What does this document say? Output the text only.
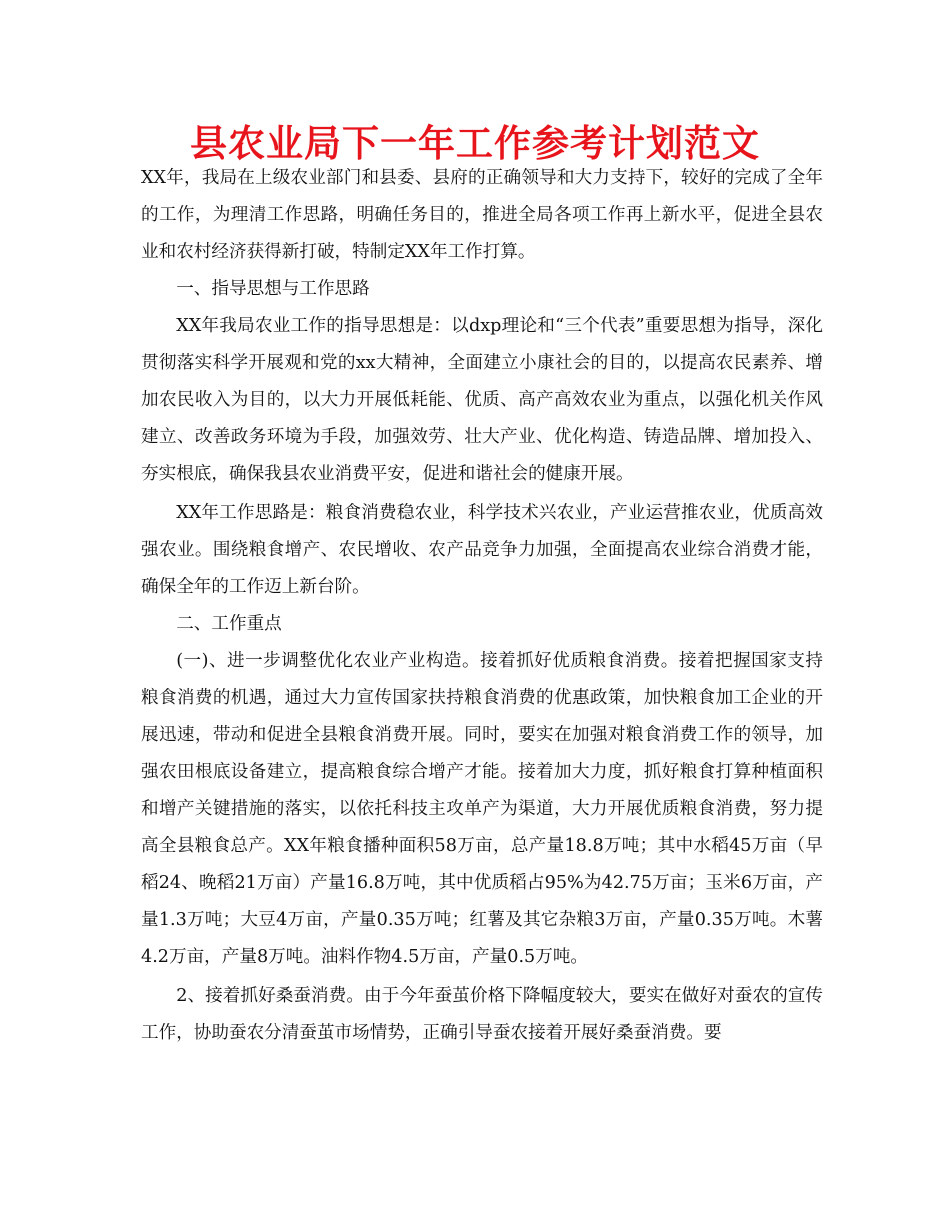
县农业局下一年工作参考计划范文

XX年，我局在上级农业部门和县委、县府的正确领导和大力支持下，较好的完成了全年的工作，为理清工作思路，明确任务目的，推进全局各项工作再上新水平，促进全县农业和农村经济获得新打破，特制定XX年工作打算。

一、指导思想与工作思路

XX年我局农业工作的指导思想是：以dxp理论和“三个代表”重要思想为指导，深化贯彻落实科学开展观和党的xx大精神，全面建立小康社会的目的，以提高农民素养、增加农民收入为目的，以大力开展低耗能、优质、高产高效农业为重点，以强化机关作风建立、改善政务环境为手段，加强效劳、壮大产业、优化构造、铸造品牌、增加投入、夯实根底，确保我县农业消费平安，促进和谐社会的健康开展。

XX年工作思路是：粮食消费稳农业，科学技术兴农业，产业运营推农业，优质高效强农业。围绕粮食增产、农民增收、农产品竞争力加强，全面提高农业综合消费才能，确保全年的工作迈上新台阶。

二、工作重点

(一)、进一步调整优化农业产业构造。接着抓好优质粮食消费。接着把握国家支持粮食消费的机遇，通过大力宣传国家扶持粮食消费的优惠政策，加快粮食加工企业的开展迅速，带动和促进全县粮食消费开展。同时，要实在加强对粮食消费工作的领导，加强农田根底设备建立，提高粮食综合增产才能。接着加大力度，抓好粮食打算种植面积和增产关键措施的落实，以依托科技主攻单产为渠道，大力开展优质粮食消费，努力提高全县粮食总产。XX年粮食播种面积58万亩，总产量18.8万吨；其中水稻45万亩（早稻24、晚稻21万亩）产量16.8万吨，其中优质稻占95%为42.75万亩；玉米6万亩，产量1.3万吨；大豆4万亩，产量0.35万吨；红薯及其它杂粮3万亩，产量0.35万吨。木薯4.2万亩，产量8万吨。油料作物4.5万亩，产量0.5万吨。

2、接着抓好桑蚕消费。由于今年蚕茧价格下降幅度较大，要实在做好对蚕农的宣传工作，协助蚕农分清蚕茧市场情势，正确引导蚕农接着开展好桑蚕消费。要
